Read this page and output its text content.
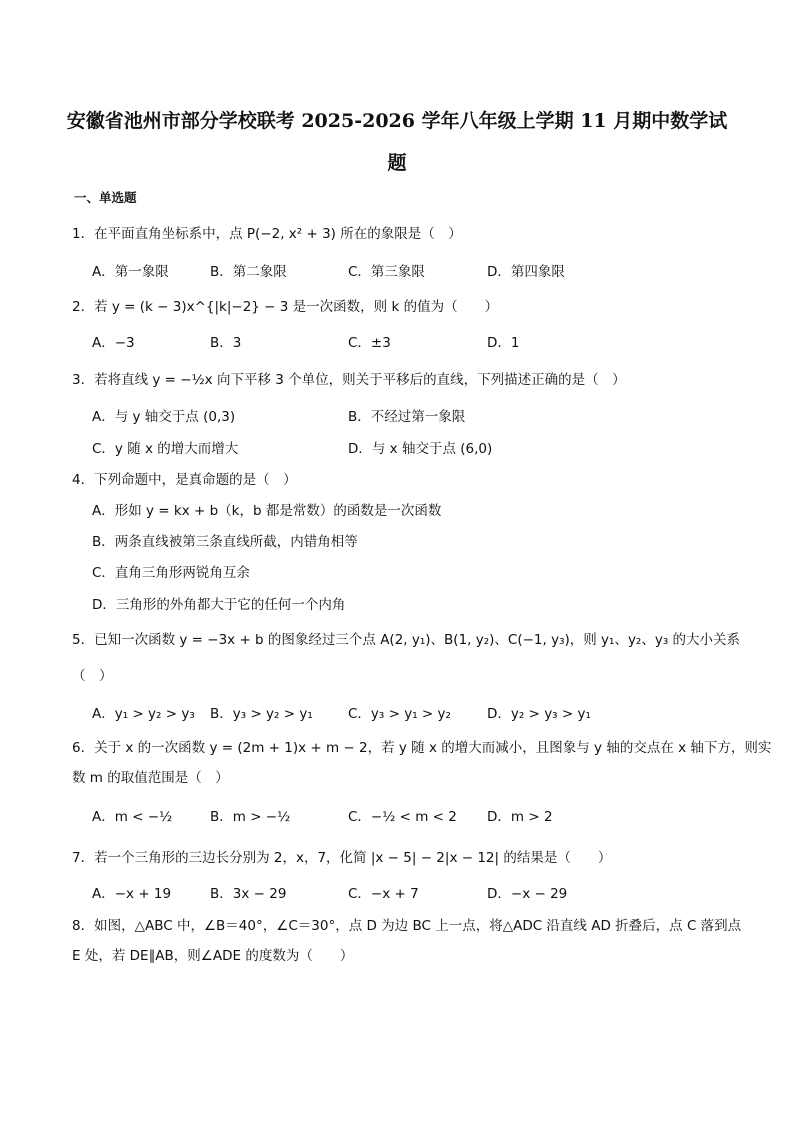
安徽省池州市部分学校联考 2025-2026 学年八年级上学期 11 月期中数学试
题
一、单选题
1．在平面直角坐标系中，点 P(−2, x² + 3) 所在的象限是（　）
A．第一象限	B．第二象限	C．第三象限	D．第四象限
2．若 y = (k − 3)x^{|k|−2} − 3 是一次函数，则 k 的值为（　　）
A．−3	B．3	C．±3	D．1
3．若将直线 y = −½x 向下平移 3 个单位，则关于平移后的直线，下列描述正确的是（　）
A．与 y 轴交于点 (0,3)	B．不经过第一象限
C．y 随 x 的增大而增大	D．与 x 轴交于点 (6,0)
4．下列命题中，是真命题的是（　）
A．形如 y = kx + b（k，b 都是常数）的函数是一次函数
B．两条直线被第三条直线所截，内错角相等
C．直角三角形两锐角互余
D．三角形的外角都大于它的任何一个内角
5．已知一次函数 y = −3x + b 的图象经过三个点 A(2, y₁)、B(1, y₂)、C(−1, y₃)，则 y₁、y₂、y₃ 的大小关系
（　）
A．y₁ > y₂ > y₃ B．y₃ > y₂ > y₁	C．y₃ > y₁ > y₂	D．y₂ > y₃ > y₁
6．关于 x 的一次函数 y = (2m + 1)x + m − 2，若 y 随 x 的增大而减小，且图象与 y 轴的交点在 x 轴下方，则实
数 m 的取值范围是（　）
A．m < −½	B．m > −½	C．−½ < m < 2 D．m > 2
7．若一个三角形的三边长分别为 2，x，7，化简 |x − 5| − 2|x − 12| 的结果是（　　）
A．−x + 19	B．3x − 29	C．−x + 7	D．−x − 29
8．如图，△ABC 中，∠B＝40°，∠C＝30°，点 D 为边 BC 上一点，将△ADC 沿直线 AD 折叠后，点 C 落到点
E 处，若 DE∥AB，则∠ADE 的度数为（　　）
